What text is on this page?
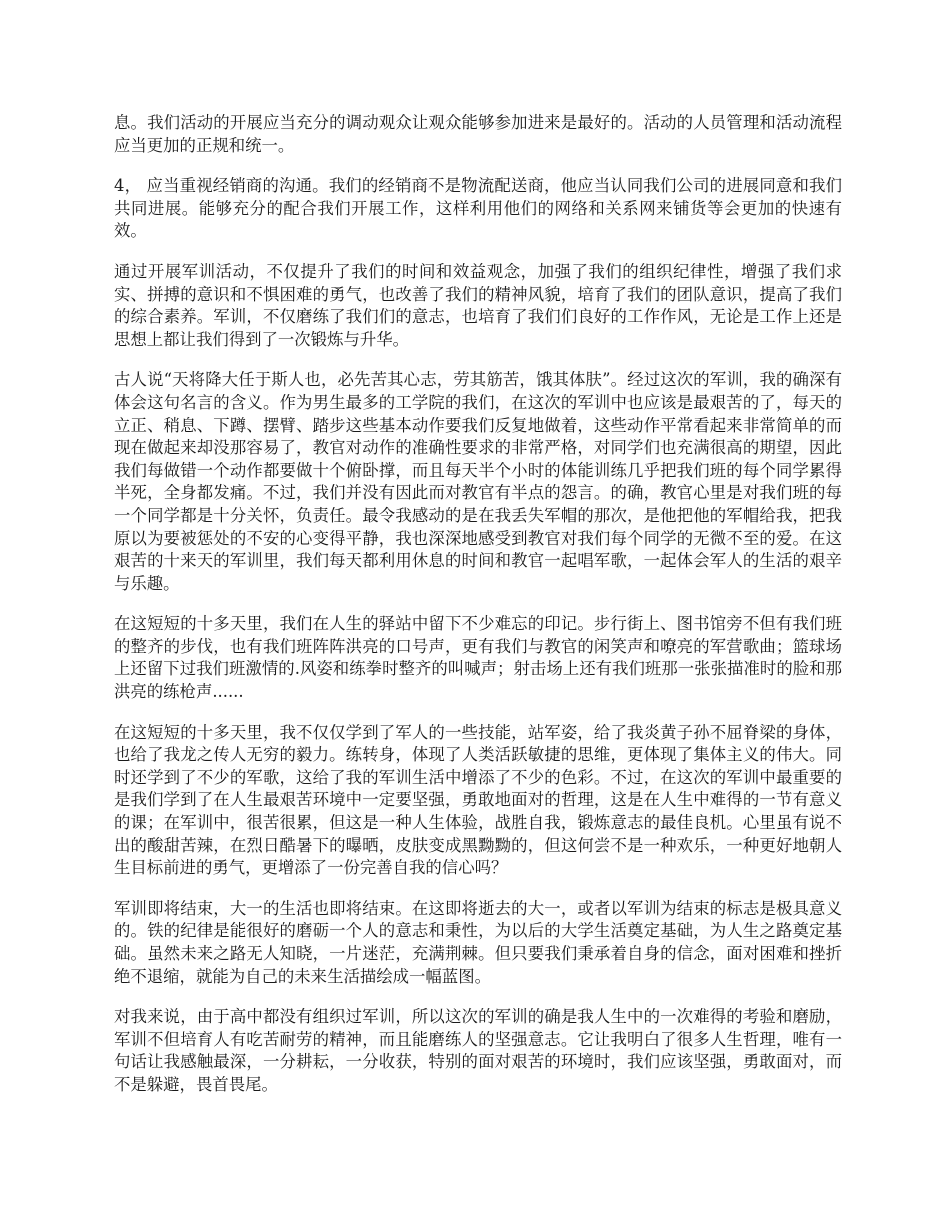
息。我们活动的开展应当充分的调动观众让观众能够参加进来是最好的。活动的人员管理和活动流程应当更加的正规和统一。

4， 应当重视经销商的沟通。我们的经销商不是物流配送商，他应当认同我们公司的进展同意和我们共同进展。能够充分的配合我们开展工作，这样利用他们的网络和关系网来铺货等会更加的快速有效。

通过开展军训活动，不仅提升了我们的时间和效益观念，加强了我们的组织纪律性，增强了我们求实、拼搏的意识和不惧困难的勇气，也改善了我们的精神风貌，培育了我们的团队意识，提高了我们的综合素养。军训，不仅磨练了我们们的意志，也培育了我们们良好的工作作风，无论是工作上还是思想上都让我们得到了一次锻炼与升华。

古人说“天将降大任于斯人也，必先苦其心志，劳其筋苦，饿其体肤”。经过这次的军训，我的确深有体会这句名言的含义。作为男生最多的工学院的我们，在这次的军训中也应该是最艰苦的了，每天的立正、稍息、下蹲、摆臂、踏步这些基本动作要我们反复地做着，这些动作平常看起来非常简单的而现在做起来却没那容易了，教官对动作的准确性要求的非常严格，对同学们也充满很高的期望，因此我们每做错一个动作都要做十个俯卧撑，而且每天半个小时的体能训练几乎把我们班的每个同学累得半死，全身都发痛。不过，我们并没有因此而对教官有半点的怨言。的确，教官心里是对我们班的每一个同学都是十分关怀，负责任。最令我感动的是在我丢失军帽的那次，是他把他的军帽给我，把我原以为要被惩处的不安的心变得平静，我也深深地感受到教官对我们每个同学的无微不至的爱。在这艰苦的十来天的军训里，我们每天都利用休息的时间和教官一起唱军歌，一起体会军人的生活的艰辛与乐趣。

在这短短的十多天里，我们在人生的驿站中留下不少难忘的印记。步行街上、图书馆旁不但有我们班的整齐的步伐，也有我们班阵阵洪亮的口号声，更有我们与教官的闲笑声和嘹亮的军营歌曲；篮球场上还留下过我们班激情的.风姿和练拳时整齐的叫喊声；射击场上还有我们班那一张张描准时的脸和那洪亮的练枪声......

在这短短的十多天里，我不仅仅学到了军人的一些技能，站军姿，给了我炎黄子孙不屈脊梁的身体，也给了我龙之传人无穷的毅力。练转身，体现了人类活跃敏捷的思维，更体现了集体主义的伟大。同时还学到了不少的军歌，这给了我的军训生活中增添了不少的色彩。不过，在这次的军训中最重要的是我们学到了在人生最艰苦环境中一定要坚强，勇敢地面对的哲理，这是在人生中难得的一节有意义的课；在军训中，很苦很累，但这是一种人生体验，战胜自我，锻炼意志的最佳良机。心里虽有说不出的酸甜苦辣，在烈日酷暑下的曝晒，皮肤变成黑黝黝的，但这何尝不是一种欢乐，一种更好地朝人生目标前进的勇气，更增添了一份完善自我的信心吗？

军训即将结束，大一的生活也即将结束。在这即将逝去的大一，或者以军训为结束的标志是极具意义的。铁的纪律是能很好的磨砺一个人的意志和秉性，为以后的大学生活奠定基础，为人生之路奠定基础。虽然未来之路无人知晓，一片迷茫，充满荆棘。但只要我们秉承着自身的信念，面对困难和挫折绝不退缩，就能为自己的未来生活描绘成一幅蓝图。

对我来说，由于高中都没有组织过军训，所以这次的军训的确是我人生中的一次难得的考验和磨励，军训不但培育人有吃苦耐劳的精神，而且能磨练人的坚强意志。它让我明白了很多人生哲理，唯有一句话让我感触最深，一分耕耘，一分收获，特别的面对艰苦的环境时，我们应该坚强，勇敢面对，而不是躲避，畏首畏尾。
